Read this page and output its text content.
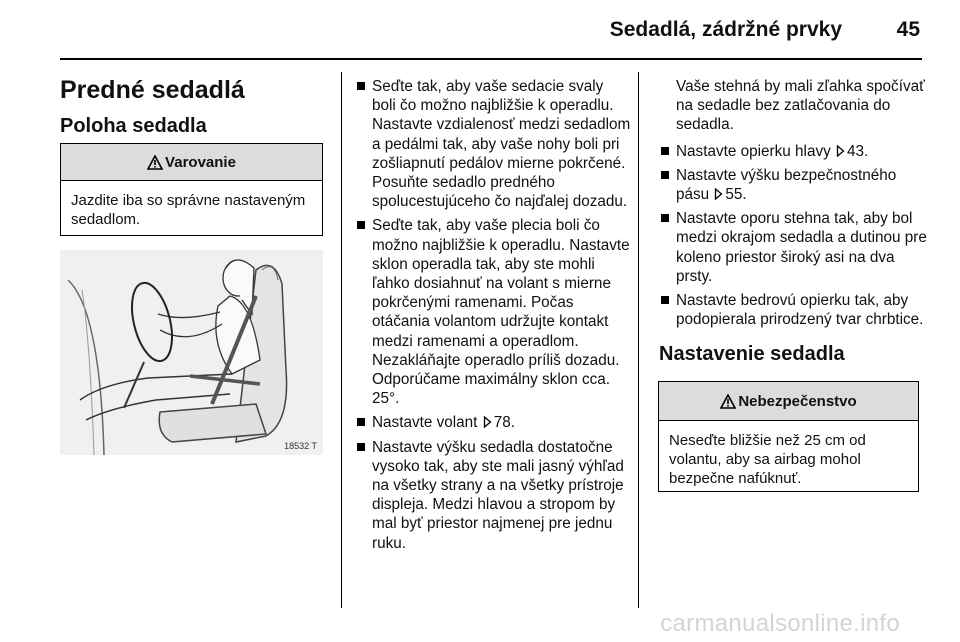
Sedadlá, zádržné prvky	45
Predné sedadlá
Poloha sedadla
Varovanie
Jazdite iba so správne nastaveným sedadlom.
18532 T
Seďte tak, aby vaše sedacie svaly boli čo možno najbližšie k operadlu. Nastavte vzdialenosť medzi sedadlom a pedálmi tak, aby vaše nohy boli pri zošliapnutí pedálov mierne pokrčené. Posuňte sedadlo predného spolucestujúceho čo najďalej dozadu.
Seďte tak, aby vaše plecia boli čo možno najbližšie k operadlu. Nastavte sklon operadla tak, aby ste mohli ľahko dosiahnuť na volant s mierne pokrčenými ramenami. Počas otáčania volantom udržujte kontakt medzi ramenami a operadlom. Nezakláňajte operadlo príliš dozadu. Odporúčame maximálny sklon cca. 25°.
Nastavte volant 78.
Nastavte výšku sedadla dostatočne vysoko tak, aby ste mali jasný výhľad na všetky strany a na všetky prístroje displeja. Medzi hlavou a stropom by mal byť priestor najmenej pre jednu ruku.
Vaše stehná by mali zľahka spočívať na sedadle bez zatlačovania do sedadla.
Nastavte opierku hlavy 43.
Nastavte výšku bezpečnostného pásu 55.
Nastavte oporu stehna tak, aby bol medzi okrajom sedadla a dutinou pre koleno priestor široký asi na dva prsty.
Nastavte bedrovú opierku tak, aby podopierala prirodzený tvar chrbtice.
Nastavenie sedadla
Nebezpečenstvo
Neseďte bližšie než 25 cm od volantu, aby sa airbag mohol bezpečne nafúknuť.
carmanualsonline.info
